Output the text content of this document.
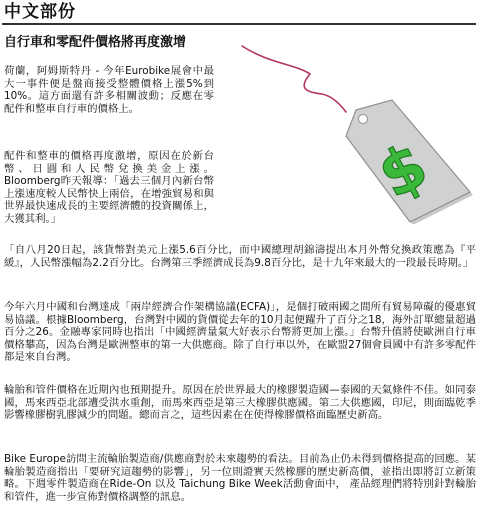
中文部份
自行車和零配件價格將再度激增

荷蘭，阿姆斯特丹 - 今年Eurobike展會中最大一事件便是盤商接受整體價格上漲5%到10%。這方面還有許多相關波動；反應在零配件和整車自行車的價格上。

配件和整車的價格再度激增，原因在於新台幣、日圓和人民幣兌換美金上漲。Bloomberg昨天報導：「過去三個月內新台幣上漲速度較人民幣快上兩倍，在增強貿易和與世界最快速成長的主要經濟體的投資關係上，大獲其利。」

「自八月20日起，該貨幣對美元上漲5.6百分比，而中國總理胡錦濤提出本月外幣兌換政策應為『平緩』，人民幣漲幅為2.2百分比。台灣第三季經濟成長為9.8百分比，是十九年來最大的一段最長時期。」

今年六月中國和台灣達成「兩岸經濟合作架構協議(ECFA)」，是個打破兩國之間所有貿易障礙的優惠貿易協議。根據Bloomberg，台灣對中國的貨價從去年的10月起便躍升了百分之18，海外訂單總量超過百分之26。金融專家同時也指出「中國經濟量氣大好表示台幣將更加上漲。」台幣升值將使歐洲自行車價格攀高，因為台灣是歐洲整車的第一大供應商。除了自行車以外，在歐盟27個會員國中有許多零配件都是來自台灣。

輪胎和管件價格在近期內也預期提升。原因在於世界最大的橡膠製造國—泰國的天氣條件不佳。如同泰國，馬來西亞北部遭受洪水重創，而馬來西亞是第三大橡膠供應國。第二大供應國，印尼，則面臨乾季影響橡膠樹乳膠減少的問題。總而言之，這些因素在在使得橡膠價格面臨歷史新高。

Bike Europe訪問主流輪胎製造商/供應商對於未來趨勢的看法。目前為止仍未得到價格提高的回應。某輪胎製造商指出「要研究這趨勢的影響」，另一位則證實天然橡膠的歷史新高價，並指出即將訂立新策略。下週零件製造商在Ride-On 以及 Taichung Bike Week活動會面中， 產品經理們將特別針對輪胎和管件，進一步宣佈對價格調整的訊息。

$
